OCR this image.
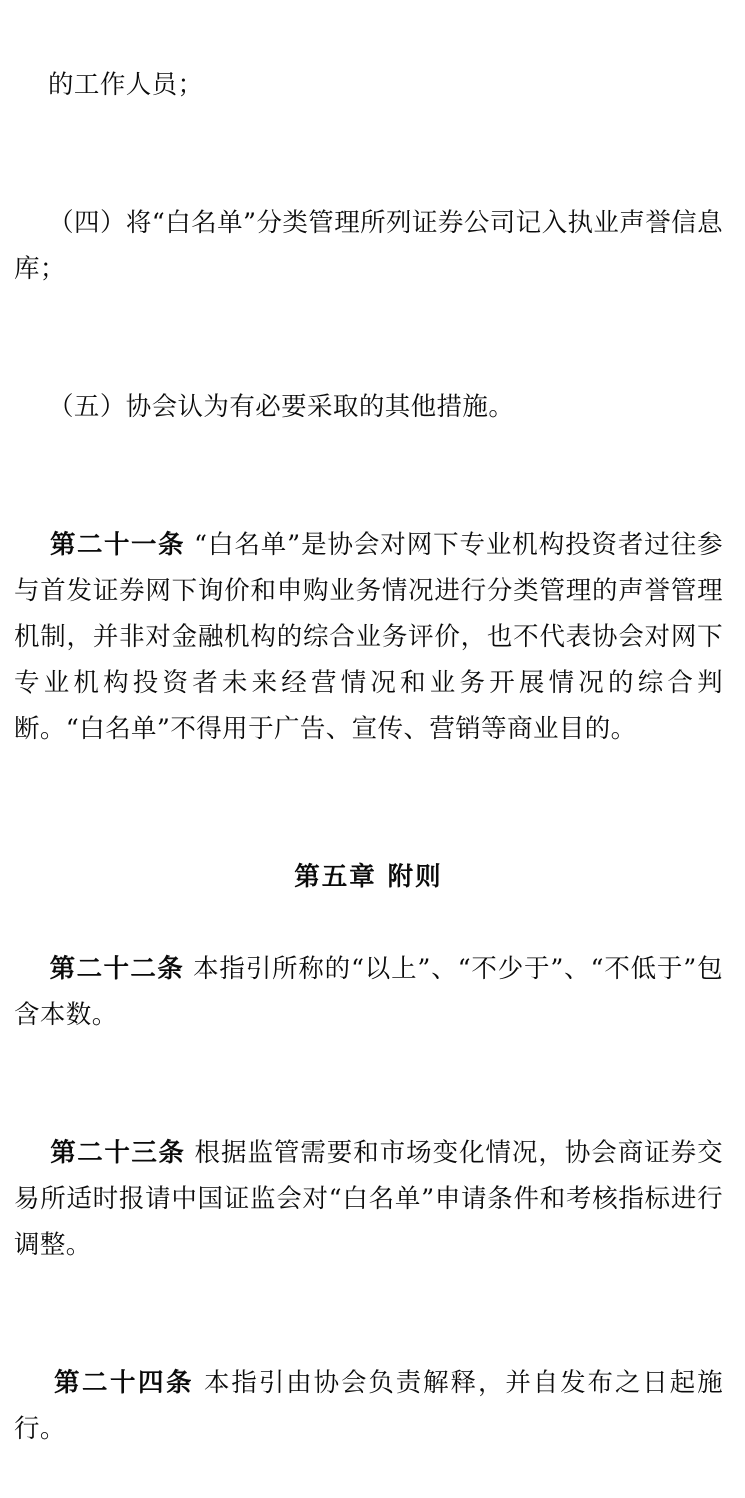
的工作人员；

（四）将“白名单”分类管理所列证券公司记入执业声誉信息库；

（五）协会认为有必要采取的其他措施。

第二十一条 “白名单”是协会对网下专业机构投资者过往参与首发证券网下询价和申购业务情况进行分类管理的声誉管理机制，并非对金融机构的综合业务评价，也不代表协会对网下专业机构投资者未来经营情况和业务开展情况的综合判断。“白名单”不得用于广告、宣传、营销等商业目的。

第五章 附则

第二十二条 本指引所称的“以上”、“不少于”、“不低于”包含本数。

第二十三条 根据监管需要和市场变化情况，协会商证券交易所适时报请中国证监会对“白名单”申请条件和考核指标进行调整。

第二十四条 本指引由协会负责解释，并自发布之日起施行。
